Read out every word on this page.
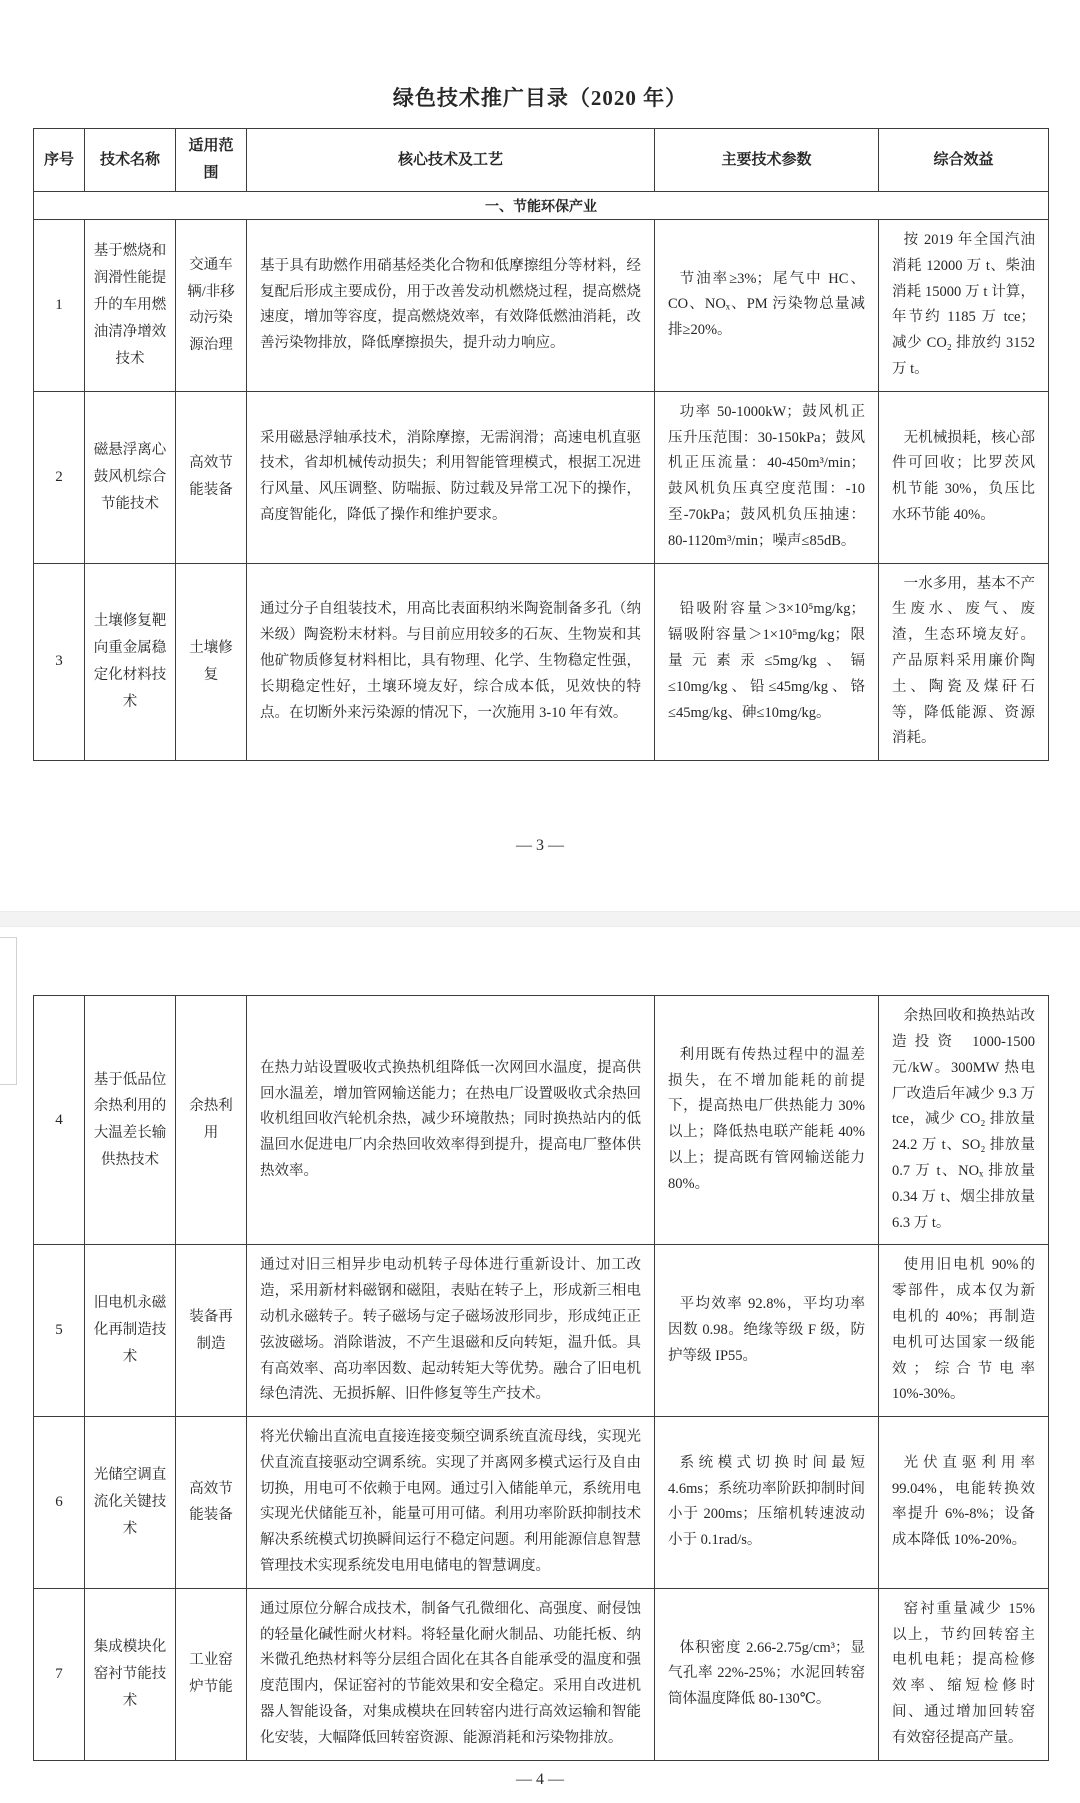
绿色技术推广目录（2020 年）
序号	技术名称	适用范围	核心技术及工艺	主要技术参数	综合效益
一、节能环保产业					
1	基于燃烧和润滑性能提升的车用燃油清净增效技术	交通车辆/非移动污染源治理	基于具有助燃作用硝基烃类化合物和低摩擦组分等材料，经复配后形成主要成份，用于改善发动机燃烧过程，提高燃烧速度，增加等容度，提高燃烧效率，有效降低燃油消耗，改善污染物排放，降低摩擦损失，提升动力响应。	节油率≥3%；尾气中 HC、CO、NOₓ、PM 污染物总量减排≥20%。	按 2019 年全国汽油消耗 12000 万 t、柴油消耗 15000 万 t 计算，年节约 1185 万 tce；减少 CO₂ 排放约 3152 万 t。
2	磁悬浮离心鼓风机综合节能技术	高效节能装备	采用磁悬浮轴承技术，消除摩擦，无需润滑；高速电机直驱技术，省却机械传动损失；利用智能管理模式，根据工况进行风量、风压调整、防喘振、防过载及异常工况下的操作，高度智能化，降低了操作和维护要求。	功率 50-1000kW；鼓风机正压升压范围：30-150kPa；鼓风机正压流量：40-450m³/min；鼓风机负压真空度范围：-10 至-70kPa；鼓风机负压抽速：80-1120m³/min；噪声≤85dB。	无机械损耗，核心部件可回收；比罗茨风机节能 30%，负压比水环节能 40%。
3	土壤修复靶向重金属稳定化材料技术	土壤修复	通过分子自组装技术，用高比表面积纳米陶瓷制备多孔（纳米级）陶瓷粉末材料。与目前应用较多的石灰、生物炭和其他矿物质修复材料相比，具有物理、化学、生物稳定性强，长期稳定性好，土壤环境友好，综合成本低，见效快的特点。在切断外来污染源的情况下，一次施用 3-10 年有效。	铅吸附容量＞3×10⁵mg/kg；镉吸附容量＞1×10⁵mg/kg；限量元素汞≤5mg/kg、镉≤10mg/kg、铅≤45mg/kg、铬≤45mg/kg、砷≤10mg/kg。	一水多用，基本不产生废水、废气、废渣，生态环境友好。产品原料采用廉价陶土、陶瓷及煤矸石等，降低能源、资源消耗。
— 3 —
4	基于低品位余热利用的大温差长输供热技术	余热利用	在热力站设置吸收式换热机组降低一次网回水温度，提高供回水温差，增加管网输送能力；在热电厂设置吸收式余热回收机组回收汽轮机余热，减少环境散热；同时换热站内的低温回水促进电厂内余热回收效率得到提升，提高电厂整体供热效率。	利用既有传热过程中的温差损失，在不增加能耗的前提下，提高热电厂供热能力 30%以上；降低热电联产能耗 40%以上；提高既有管网输送能力 80%。	余热回收和换热站改造投资 1000-1500 元/kW。300MW 热电厂改造后年减少 9.3 万 tce，减少 CO₂ 排放量 24.2 万 t、SO₂ 排放量 0.7 万 t、NOₓ 排放量 0.34 万 t、烟尘排放量 6.3 万 t。
5	旧电机永磁化再制造技术	装备再制造	通过对旧三相异步电动机转子母体进行重新设计、加工改造，采用新材料磁钢和磁阻，表贴在转子上，形成新三相电动机永磁转子。转子磁场与定子磁场波形同步，形成纯正正弦波磁场。消除谐波，不产生退磁和反向转矩，温升低。具有高效率、高功率因数、起动转矩大等优势。融合了旧电机绿色清洗、无损拆解、旧件修复等生产技术。	平均效率 92.8%，平均功率因数 0.98。绝缘等级 F 级，防护等级 IP55。	使用旧电机 90%的零部件，成本仅为新电机的 40%；再制造电机可达国家一级能效；综合节电率 10%-30%。
6	光储空调直流化关键技术	高效节能装备	将光伏输出直流电直接连接变频空调系统直流母线，实现光伏直流直接驱动空调系统。实现了并离网多模式运行及自由切换，用电可不依赖于电网。通过引入储能单元，系统用电实现光伏储能互补，能量可用可储。利用功率阶跃抑制技术解决系统模式切换瞬间运行不稳定问题。利用能源信息智慧管理技术实现系统发电用电储电的智慧调度。	系统模式切换时间最短 4.6ms；系统功率阶跃抑制时间小于 200ms；压缩机转速波动小于 0.1rad/s。	光伏直驱利用率 99.04%，电能转换效率提升 6%-8%；设备成本降低 10%-20%。
7	集成模块化窑衬节能技术	工业窑炉节能	通过原位分解合成技术，制备气孔微细化、高强度、耐侵蚀的轻量化碱性耐火材料。将轻量化耐火制品、功能托板、纳米微孔绝热材料等分层组合固化在其各自能承受的温度和强度范围内，保证窑衬的节能效果和安全稳定。采用自改进机器人智能设备，对集成模块在回转窑内进行高效运输和智能化安装，大幅降低回转窑资源、能源消耗和污染物排放。	体积密度 2.66-2.75g/cm³；显气孔率 22%-25%；水泥回转窑筒体温度降低 80-130℃。	窑衬重量减少 15%以上，节约回转窑主电机电耗；提高检修效率、缩短检修时间、通过增加回转窑有效窑径提高产量。
— 4 —
